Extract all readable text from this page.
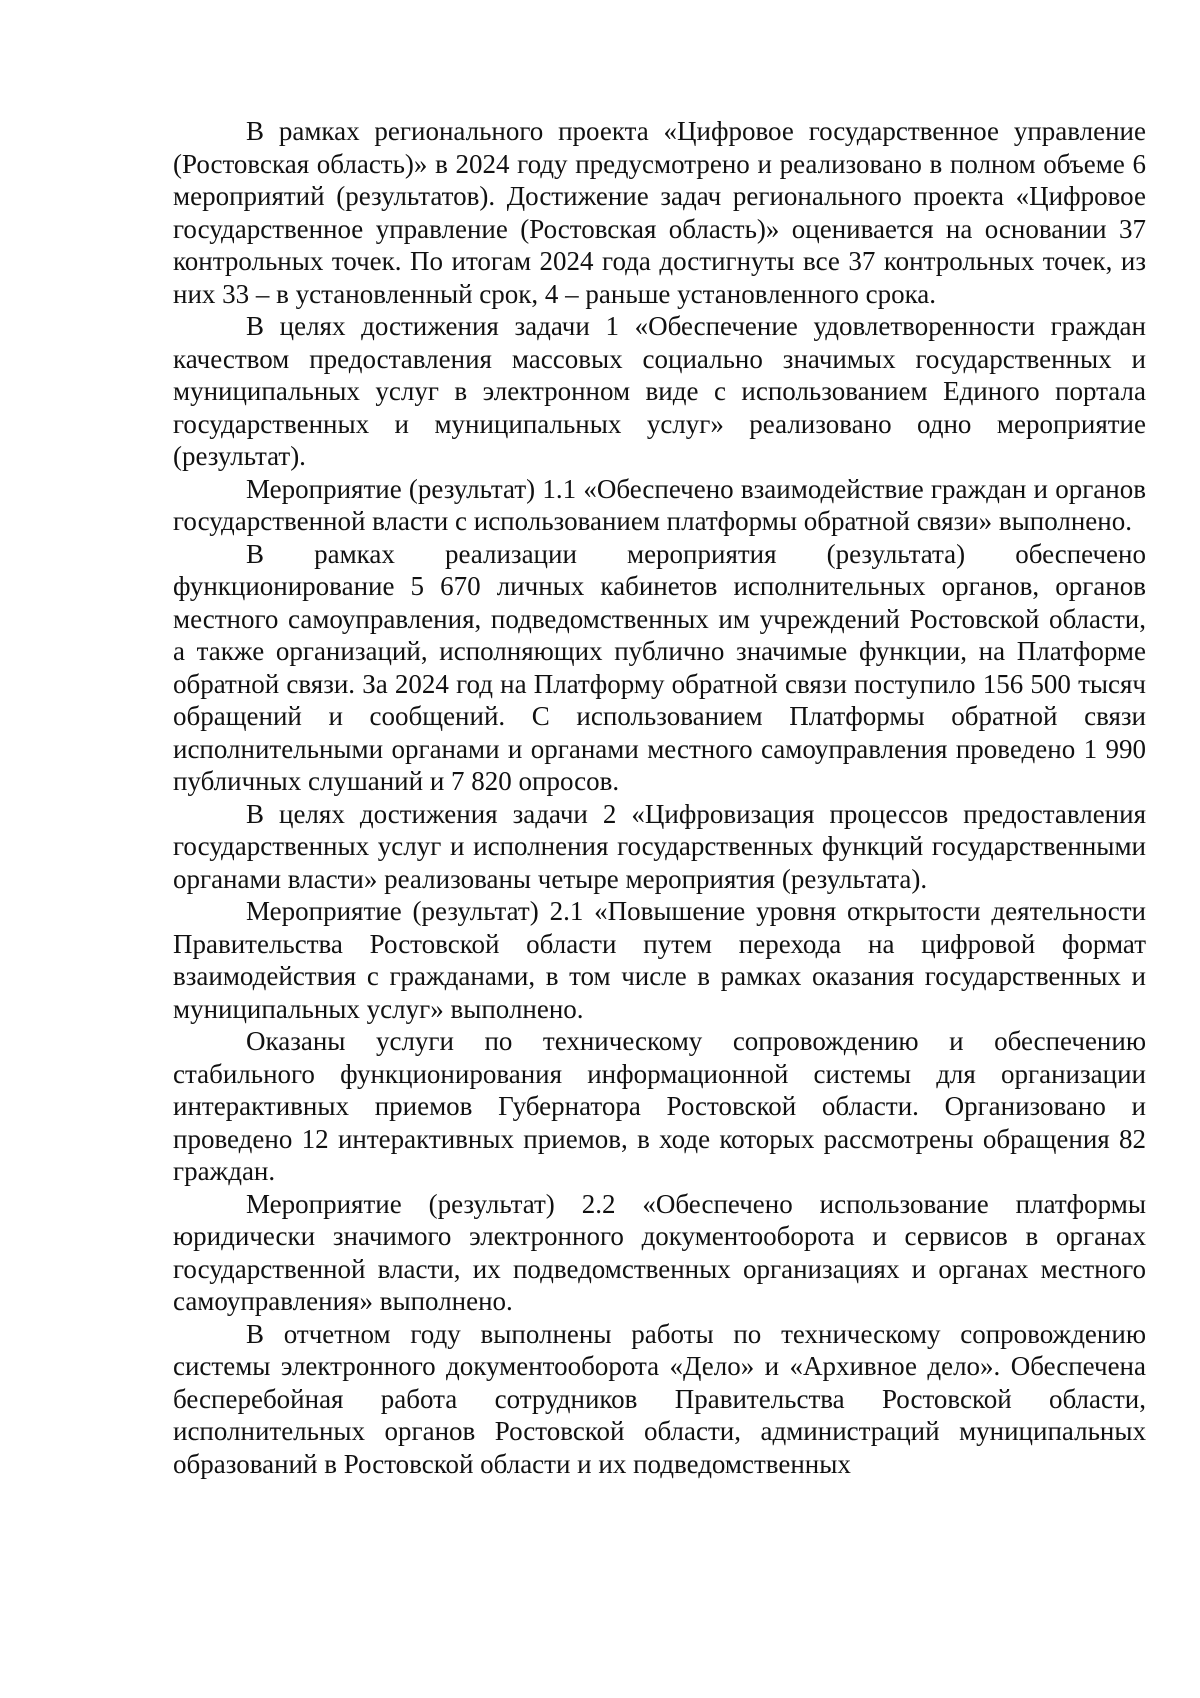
В рамках регионального проекта «Цифровое государственное управление (Ростовская область)» в 2024 году предусмотрено и реализовано в полном объеме 6 мероприятий (результатов). Достижение задач регионального проекта «Цифровое государственное управление (Ростовская область)» оценивается на основании 37 контрольных точек. По итогам 2024 года достигнуты все 37 контрольных точек, из них 33 – в установленный срок, 4 – раньше установленного срока.

В целях достижения задачи 1 «Обеспечение удовлетворенности граждан качеством предоставления массовых социально значимых государственных и муниципальных услуг в электронном виде с использованием Единого портала государственных и муниципальных услуг» реализовано одно мероприятие (результат).

Мероприятие (результат) 1.1 «Обеспечено взаимодействие граждан и органов государственной власти с использованием платформы обратной связи» выполнено.

В рамках реализации мероприятия (результата) обеспечено функционирование 5 670 личных кабинетов исполнительных органов, органов местного самоуправления, подведомственных им учреждений Ростовской области, а также организаций, исполняющих публично значимые функции, на Платформе обратной связи. За 2024 год на Платформу обратной связи поступило 156 500 тысяч обращений и сообщений. С использованием Платформы обратной связи исполнительными органами и органами местного самоуправления проведено 1 990 публичных слушаний и 7 820 опросов.

В целях достижения задачи 2 «Цифровизация процессов предоставления государственных услуг и исполнения государственных функций государственными органами власти» реализованы четыре мероприятия (результата).

Мероприятие (результат) 2.1 «Повышение уровня открытости деятельности Правительства Ростовской области путем перехода на цифровой формат взаимодействия с гражданами, в том числе в рамках оказания государственных и муниципальных услуг» выполнено.

Оказаны услуги по техническому сопровождению и обеспечению стабильного функционирования информационной системы для организации интерактивных приемов Губернатора Ростовской области. Организовано и проведено 12 интерактивных приемов, в ходе которых рассмотрены обращения 82 граждан.

Мероприятие (результат) 2.2 «Обеспечено использование платформы юридически значимого электронного документооборота и сервисов в органах государственной власти, их подведомственных организациях и органах местного самоуправления» выполнено.

В отчетном году выполнены работы по техническому сопровождению системы электронного документооборота «Дело» и «Архивное дело». Обеспечена бесперебойная работа сотрудников Правительства Ростовской области, исполнительных органов Ростовской области, администраций муниципальных образований в Ростовской области и их подведомственных
